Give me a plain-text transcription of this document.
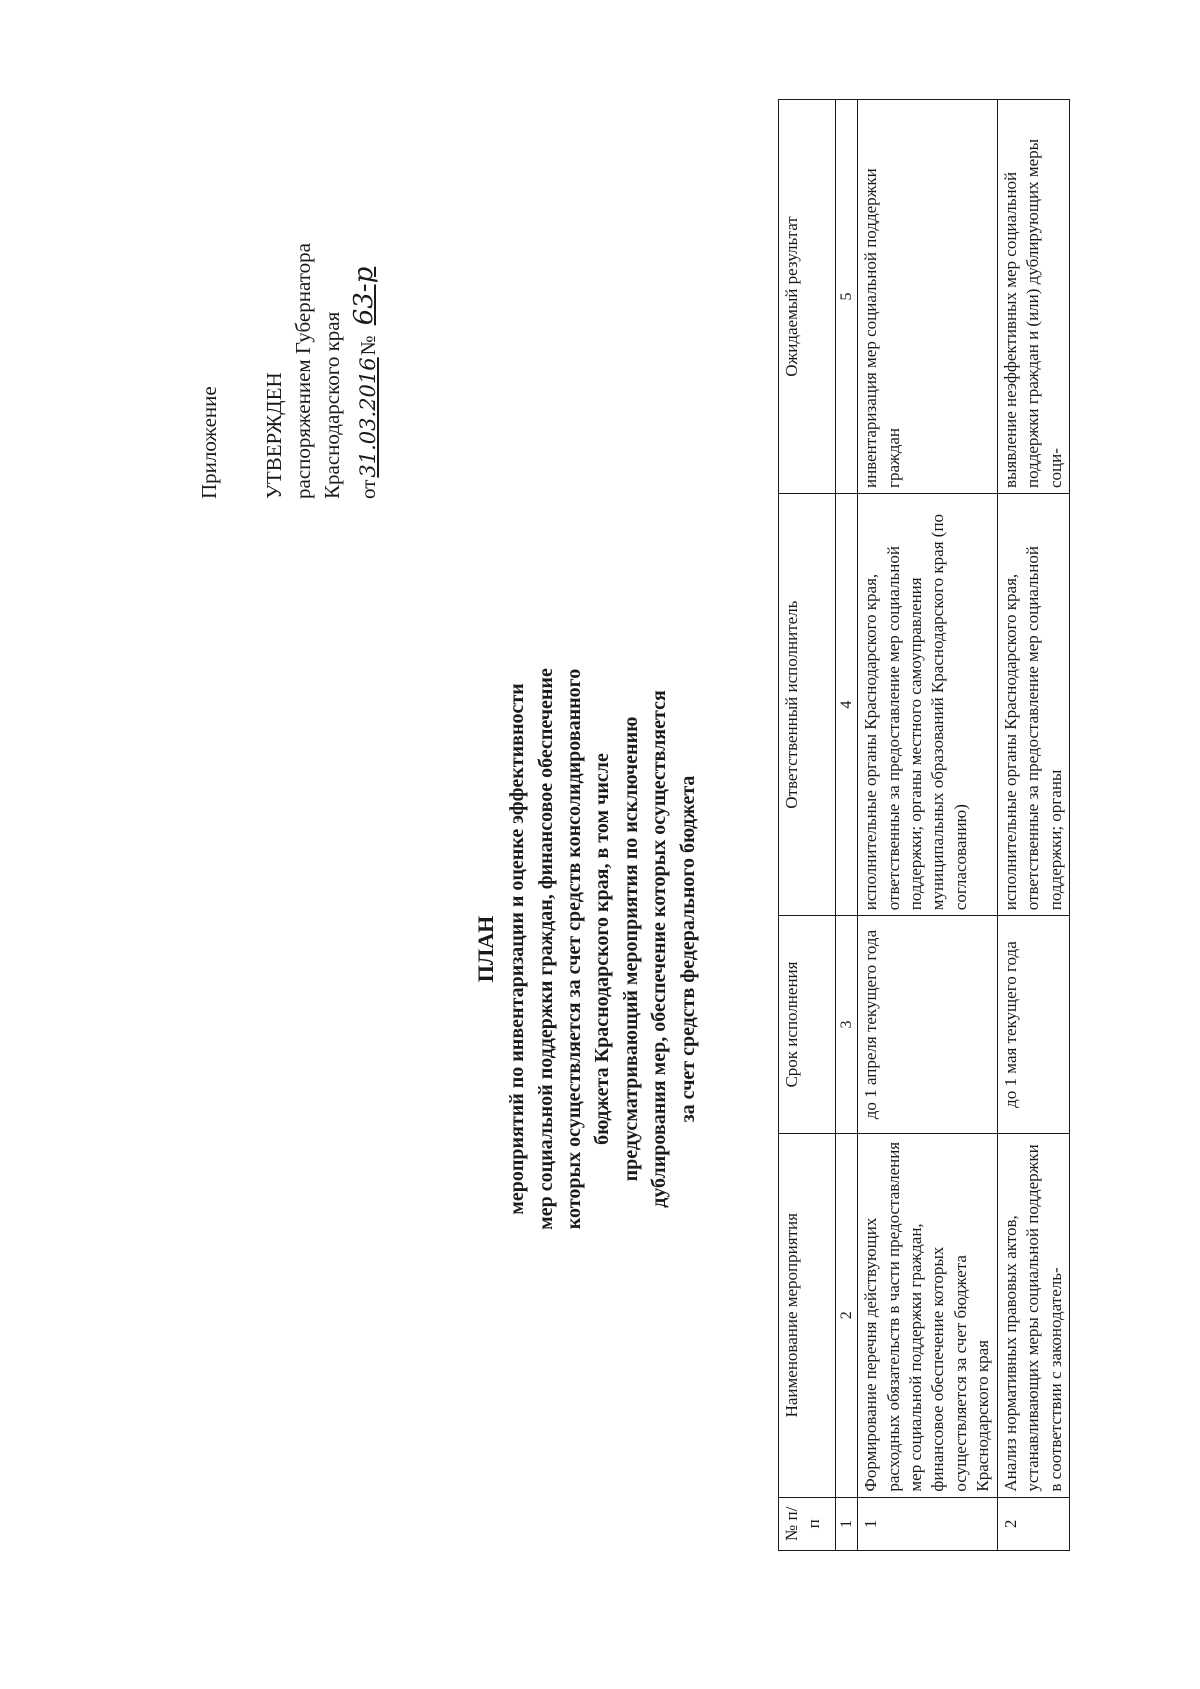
Приложение УТВЕРЖДЕН распоряжением Губернатора Краснодарского края от
31.03.2016
№
63-р
ПЛАН мероприятий по инвентаризации и оценке эффективности мер социальной поддержки граждан, финансовое обеспечение которых осуществляется за счет средств консолидированного бюджета Краснодарского края, в том числе предусматривающий мероприятия по исключению дублирования мер, обеспечение которых осуществляется за счет средств федерального бюджета
№ п/п	Наименование мероприятия	Срок исполнения	Ответственный исполнитель	Ожидаемый результат
1	2	3	4	5
1	Формирование перечня действующих расходных обязательств в части предоставления мер социальной поддержки граждан, финансовое обеспечение которых осуществляется за счет бюджета Краснодарского края	до 1 апреля текущего года	исполнительные органы Краснодарского края, ответственные за предоставление мер социальной поддержки; органы местного самоуправления муниципальных образований Краснодарского края (по согласованию)	инвентаризация мер социальной поддержки граждан
2	Анализ нормативных правовых актов, устанавливающих меры социальной поддержки в соответствии с законодатель-	до 1 мая текущего года	исполнительные органы Краснодарского края, ответственные за предоставление мер социальной поддержки; органы	выявление неэффективных мер социальной поддержки граждан и (или) дублирующих меры соци-
